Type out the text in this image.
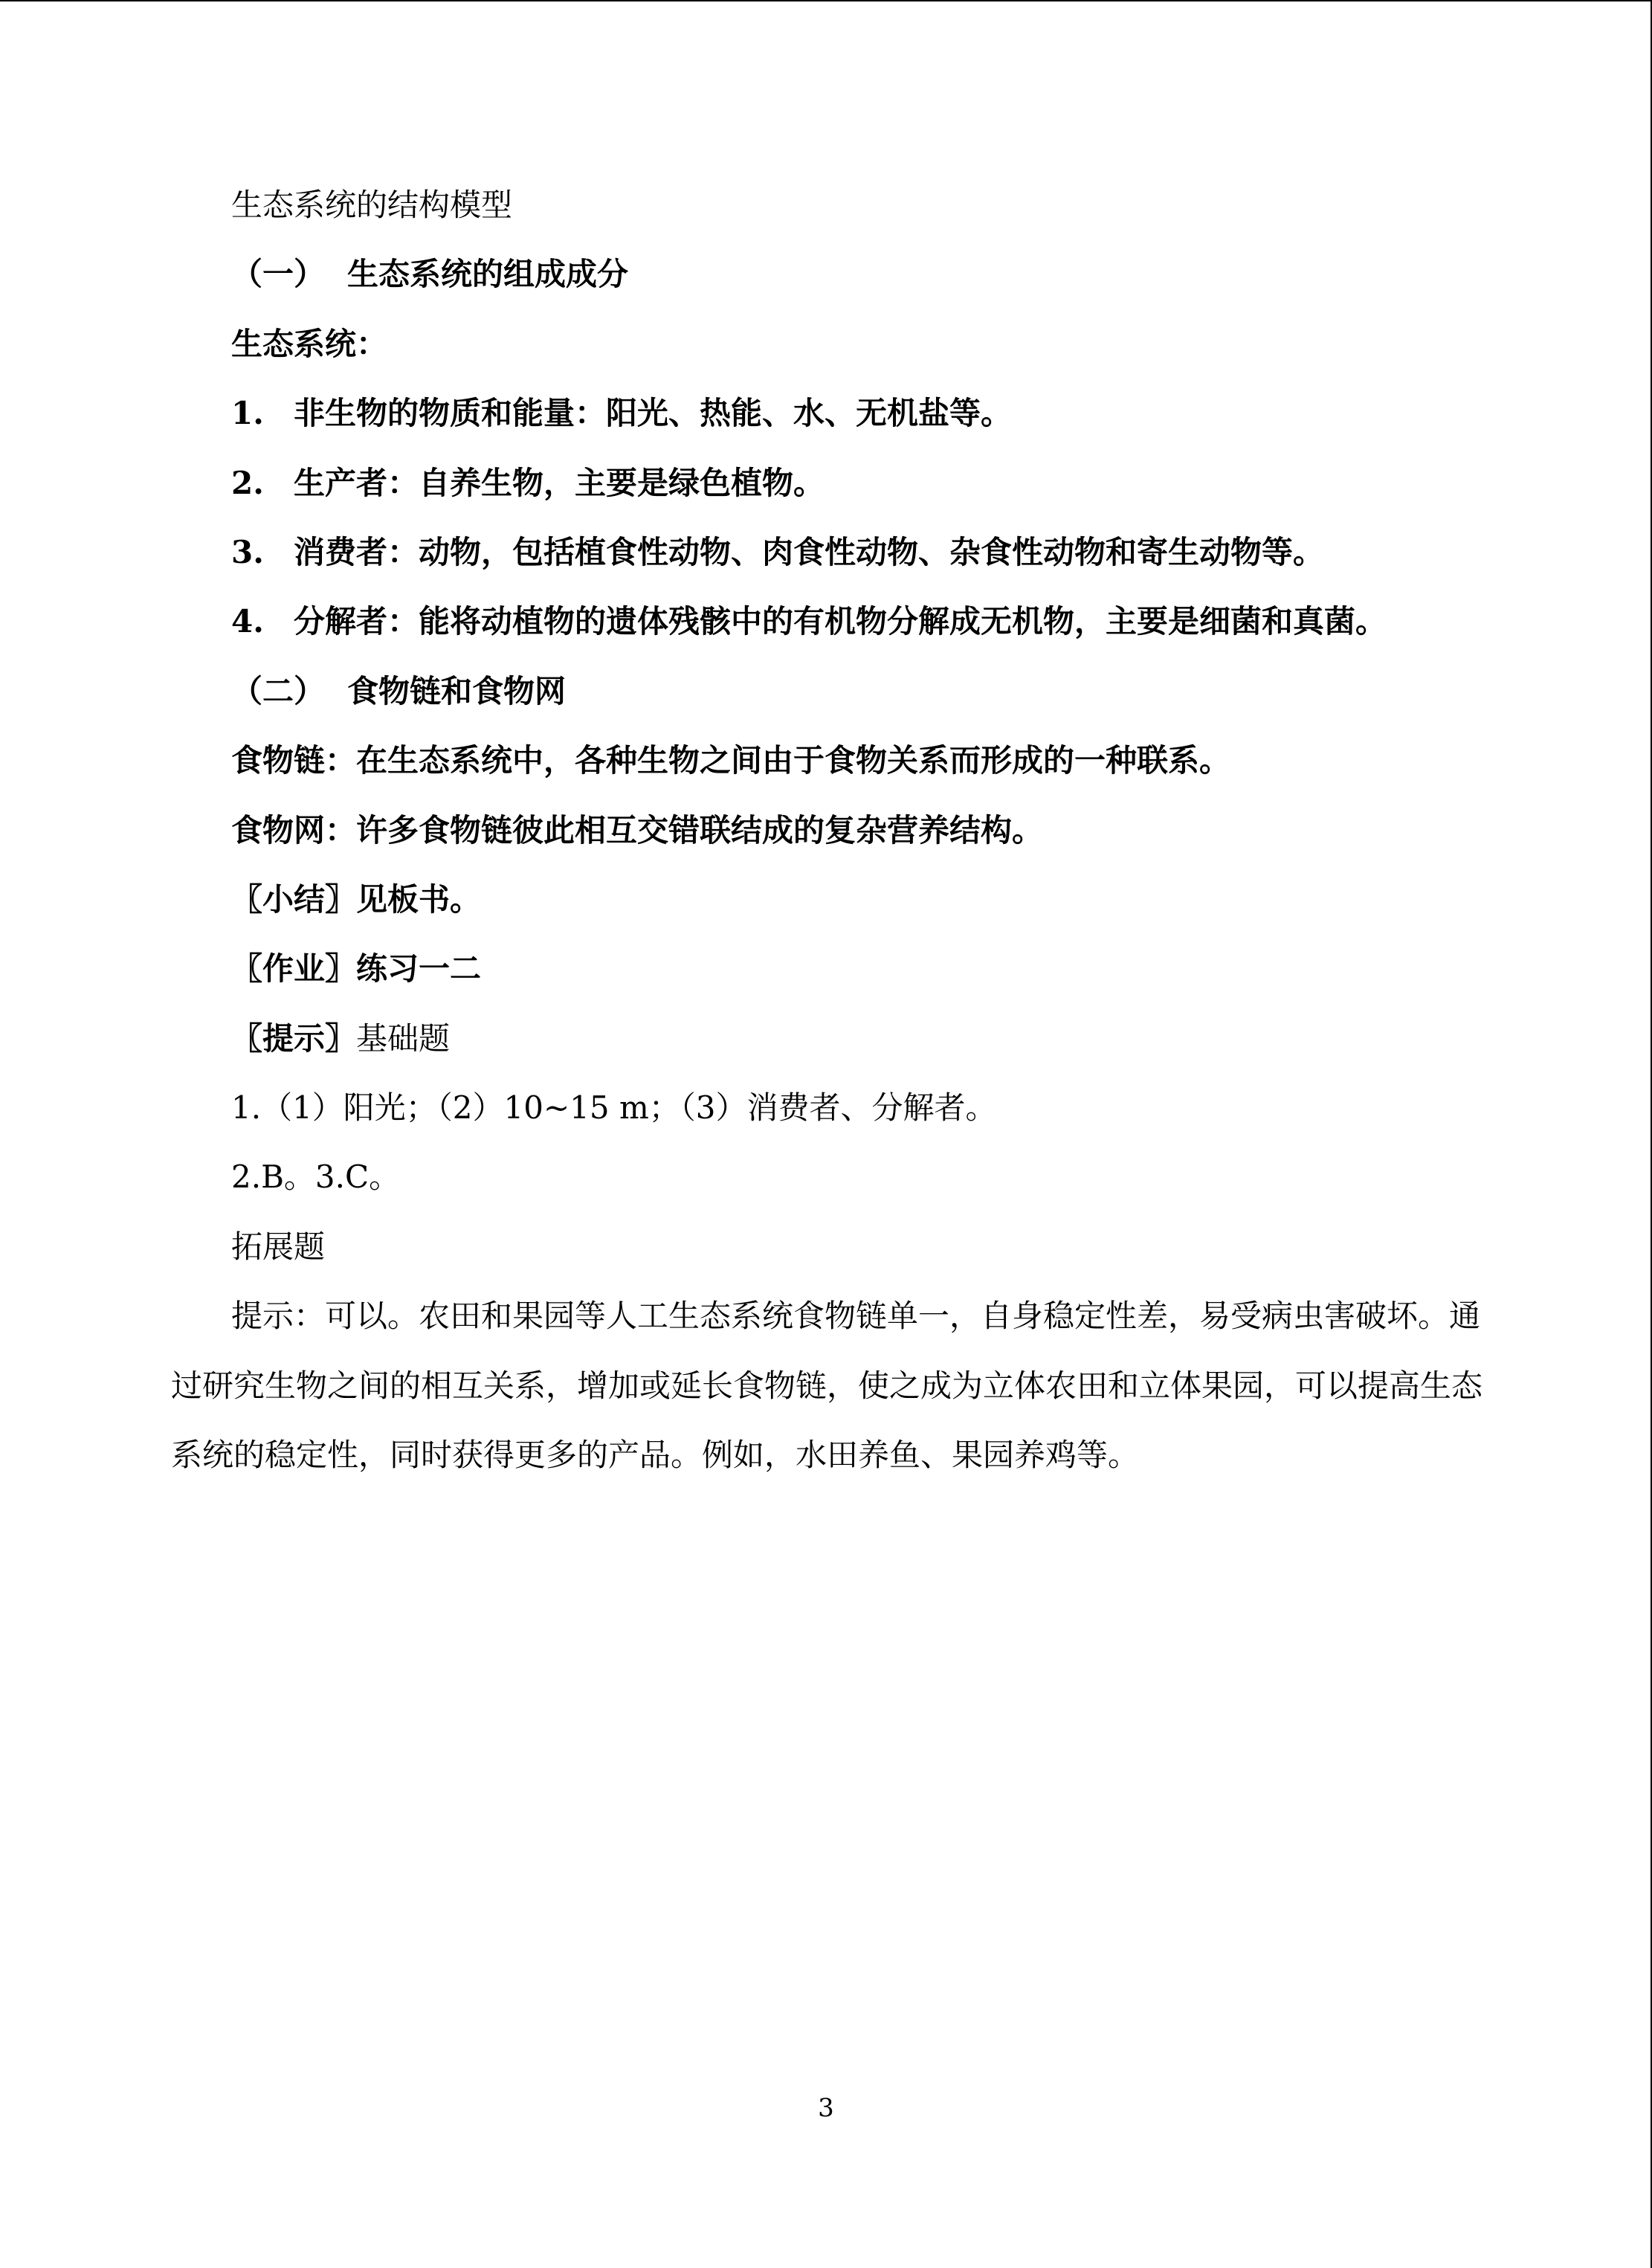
生态系统的结构模型
（一） 生态系统的组成成分
生态系统：
1. 非生物的物质和能量：阳光、热能、水、无机盐等。
2. 生产者：自养生物，主要是绿色植物。
3. 消费者：动物，包括植食性动物、肉食性动物、杂食性动物和寄生动物等。
4. 分解者：能将动植物的遗体残骸中的有机物分解成无机物，主要是细菌和真菌。
（二） 食物链和食物网
食物链：在生态系统中，各种生物之间由于食物关系而形成的一种联系。
食物网：许多食物链彼此相互交错联结成的复杂营养结构。
〖小结〗见板书。
〖作业〗练习一二
〖提示〗基础题
1.（1）阳光；（2）10~15 m；（3）消费者、分解者。
2.B。3.C。
拓展题
提示：可以。农田和果园等人工生态系统食物链单一，自身稳定性差，易受病虫害破坏。通
过研究生物之间的相互关系，增加或延长食物链，使之成为立体农田和立体果园，可以提高生态
系统的稳定性，同时获得更多的产品。例如，水田养鱼、果园养鸡等。
3
